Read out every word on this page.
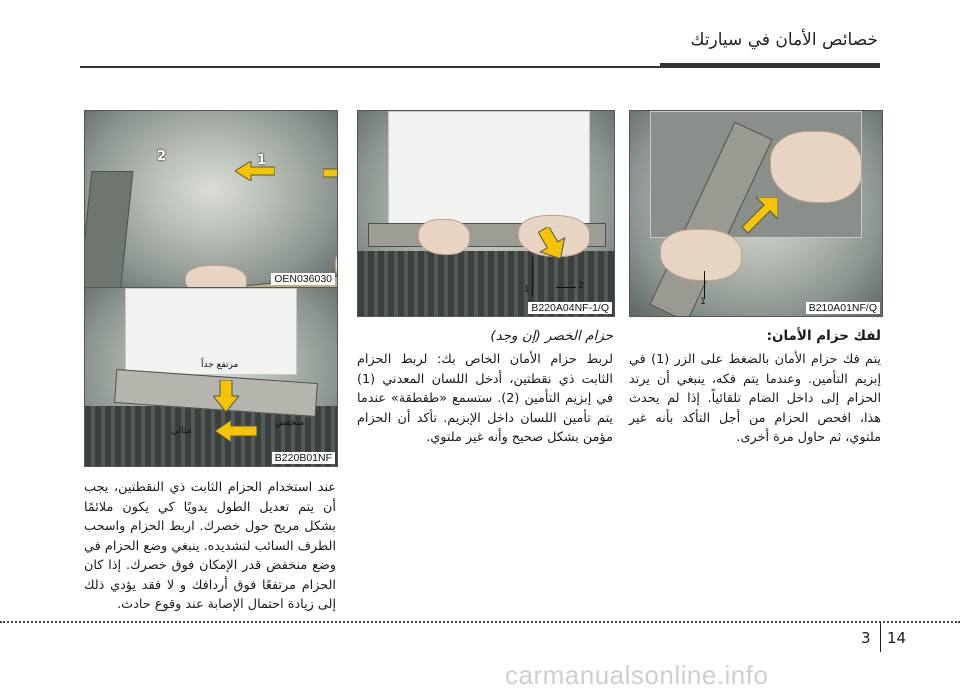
خصائص الأمان في سيارتك
2	1
OEN036030
مرتفع جداً
منخفض
مثالي
B220B01NF
1	2
B220A04NF-1/Q	1	B210A01NF/Q
لفك حزام الأمان:
يتم فك حزام الأمان بالضغط على الزر (1) في إبزيم التأمين. وعندما يتم فكه، ينبغي أن يرتد الحزام إلى داخل الضام تلقائياً. إذا لم يحدث هذا، افحص الحزام من أجل التأكد بأنه غير ملتوي، ثم حاول مرة أخرى.
حزام الخصر (إن وجد)
لربط حزام الأمان الخاص بك: لربط الحزام الثابت ذي نقطتين، أدخل اللسان المعدني (1) في إبزيم التأمين (2). ستسمع «طقطقة» عندما يتم تأمين اللسان داخل الإبزيم. تأكد أن الحزام مؤمن بشكل صحيح وأنه غير ملتوي.
عند استخدام الحزام الثابت ذي النقطتين، يجب أن يتم تعديل الطول يدويًا كي يكون ملائمًا بشكل مريح حول خصرك. اربط الحزام واسحب الطرف السائب لتشديده. ينبغي وضع الحزام في وضع منخفض قدر الإمكان فوق خصرك. إذا كان الحزام مرتفعًا فوق أردافك و لا فقد يؤدي ذلك إلى زيادة احتمال الإصابة عند وقوع حادث.
3 14
carmanualsonline.info
